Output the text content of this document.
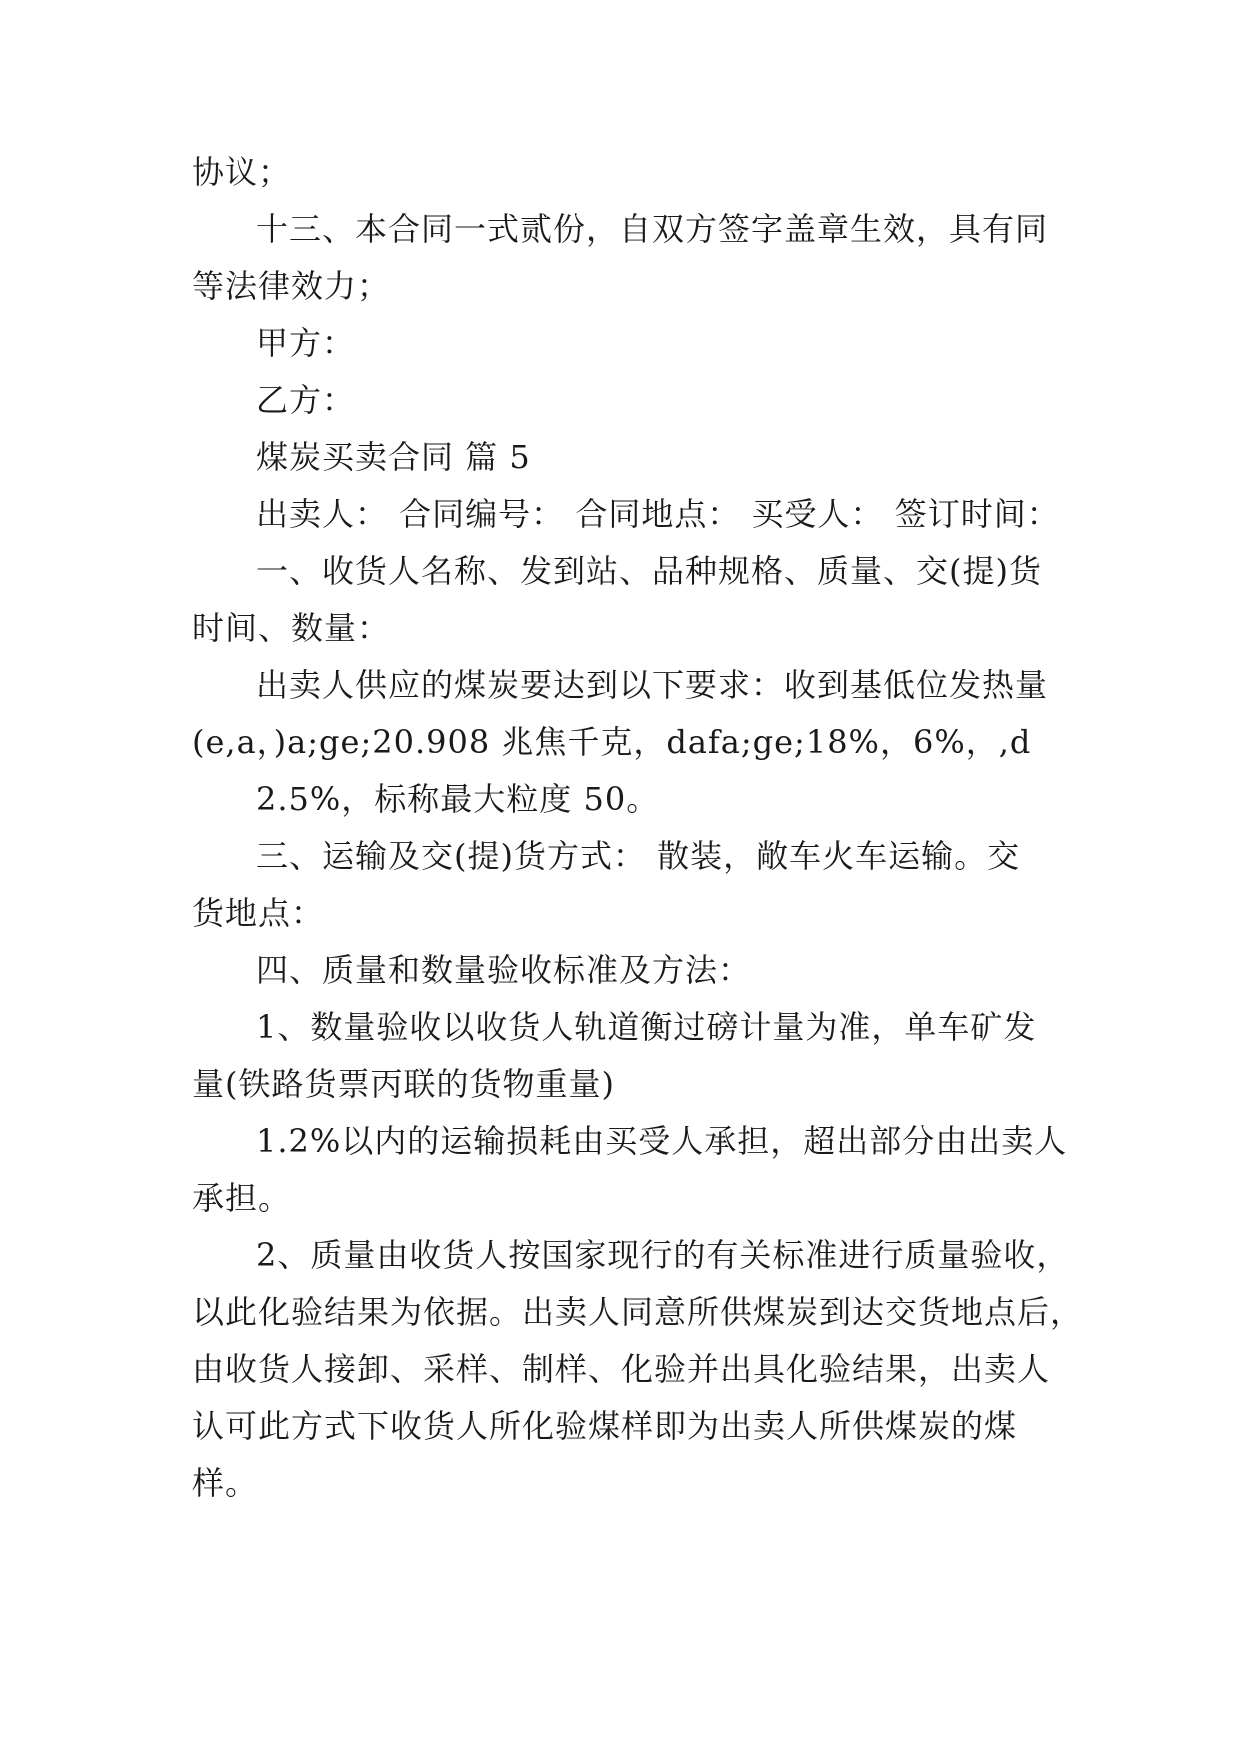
协议；
十三、本合同一式贰份，自双方签字盖章生效，具有同
等法律效力；
甲方：
乙方：
煤炭买卖合同 篇 5
出卖人： 合同编号： 合同地点： 买受人： 签订时间：
一、收货人名称、发到站、品种规格、质量、交(提)货
时间、数量：
出卖人供应的煤炭要达到以下要求：收到基低位发热量
(e,a，)a;ge;20.908 兆焦千克，dafa;ge;18%，6%，,d
2.5%，标称最大粒度 50。
三、运输及交(提)货方式： 散装，敞车火车运输。交
货地点：
四、质量和数量验收标准及方法：
1、数量验收以收货人轨道衡过磅计量为准，单车矿发
量(铁路货票丙联的货物重量)
1.2%以内的运输损耗由买受人承担，超出部分由出卖人
承担。
2、质量由收货人按国家现行的有关标准进行质量验收，
以此化验结果为依据。出卖人同意所供煤炭到达交货地点后，
由收货人接卸、采样、制样、化验并出具化验结果，出卖人
认可此方式下收货人所化验煤样即为出卖人所供煤炭的煤
样。
